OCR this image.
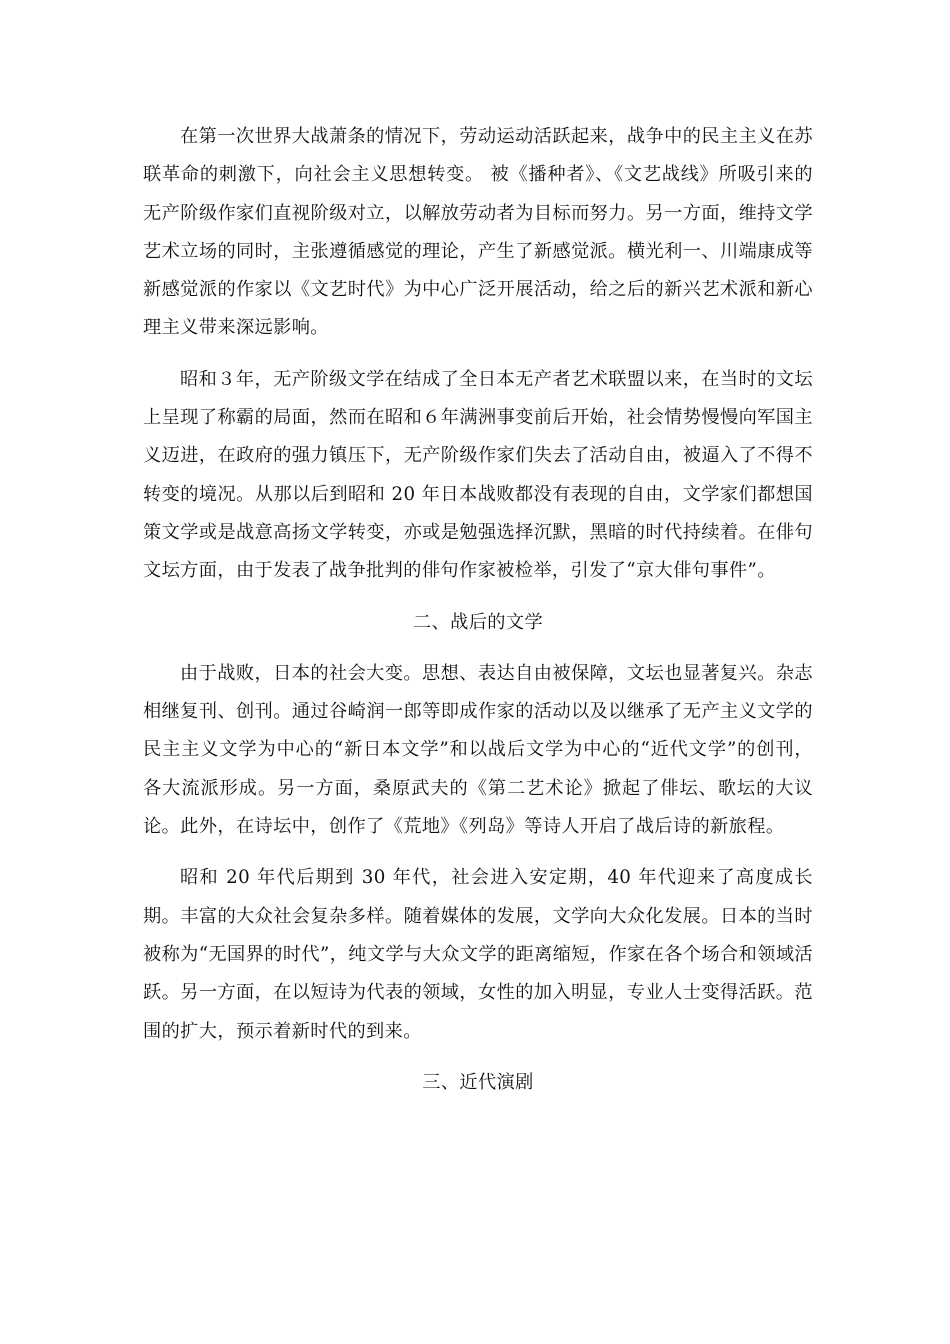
在第一次世界大战萧条的情况下，劳动运动活跃起来，战争中的民主主义在苏联革命的刺激下，向社会主义思想转变。 被《播种者》、《文艺战线》所吸引来的无产阶级作家们直视阶级对立，以解放劳动者为目标而努力。另一方面，维持文学艺术立场的同时，主张遵循感觉的理论，产生了新感觉派。横光利一、川端康成等新感觉派的作家以《文艺时代》为中心广泛开展活动，给之后的新兴艺术派和新心理主义带来深远影响。

昭和３年，无产阶级文学在结成了全日本无产者艺术联盟以来，在当时的文坛上呈现了称霸的局面，然而在昭和６年满洲事变前后开始，社会情势慢慢向军国主义迈进，在政府的强力镇压下，无产阶级作家们失去了活动自由，被逼入了不得不转变的境况。从那以后到昭和 20 年日本战败都没有表现的自由，文学家们都想国策文学或是战意高扬文学转变，亦或是勉强选择沉默，黑暗的时代持续着。在俳句文坛方面，由于发表了战争批判的俳句作家被检举，引发了“京大俳句事件”。

二、战后的文学

由于战败，日本的社会大变。思想、表达自由被保障，文坛也显著复兴。杂志相继复刊、创刊。通过谷崎润一郎等即成作家的活动以及以继承了无产主义文学的民主主义文学为中心的“新日本文学”和以战后文学为中心的“近代文学”的创刊，各大流派形成。另一方面，桑原武夫的《第二艺术论》掀起了俳坛、歌坛的大议论。此外，在诗坛中，创作了《荒地》《列岛》等诗人开启了战后诗的新旅程。

昭和 20 年代后期到 30 年代，社会进入安定期，40 年代迎来了高度成长期。丰富的大众社会复杂多样。随着媒体的发展，文学向大众化发展。日本的当时被称为“无国界的时代”，纯文学与大众文学的距离缩短，作家在各个场合和领域活跃。另一方面，在以短诗为代表的领域，女性的加入明显，专业人士变得活跃。范围的扩大，预示着新时代的到来。

三、近代演剧
